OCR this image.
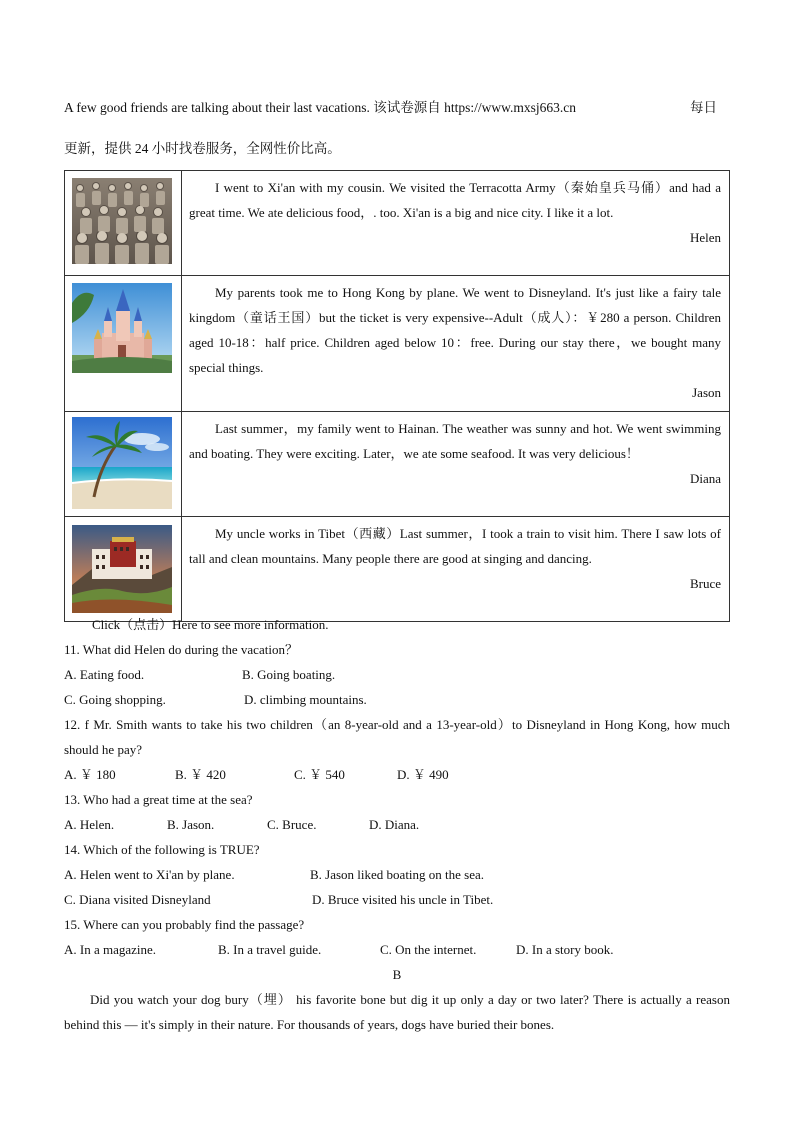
A few good friends are talking about their last vacations. 该试卷源自 https://www.mxsj663.cn	每日
更新，提供 24 小时找卷服务，全网性价比高。

I went to Xi'an with my cousin. We visited the Terracotta Army（秦始皇兵马俑）and had a great time. We ate delicious food，. too. Xi'an is a big and nice city. I like it a lot.
Helen

My parents took me to Hong Kong by plane. We went to Disneyland. It's just like a fairy tale kingdom（童话王国）but the ticket is very expensive--Adult（成人）：￥280 a person. Children aged 10-18：half price. Children aged below 10：free. During our stay there，we bought many special things.
Jason

Last summer，my family went to Hainan. The weather was sunny and hot. We went swimming and boating. They were exciting. Later，we ate some seafood. It was very delicious！
Diana

My uncle works in Tibet（西藏）Last summer，I took a train to visit him. There I saw lots of tall and clean mountains. Many people there are good at singing and dancing.
Bruce
Click（点击）Here to see more information.
11. What did Helen do during the vacation？
A. Eating food.	B. Going boating.
C. Going shopping.	D. climbing mountains.
12. f Mr. Smith wants to take his two children（an 8-year-old and a 13-year-old）to Disneyland in Hong Kong, how much should he pay?
A. ￥ 180	B. ￥ 420	C. ￥ 540	D. ￥ 490
13. Who had a great time at the sea?
A. Helen.	B. Jason.	C. Bruce.	D. Diana.
14. Which of the following is TRUE?
A. Helen went to Xi'an by plane.	B. Jason liked boating on the sea.
C. Diana visited Disneyland	D. Bruce visited his uncle in Tibet.
15. Where can you probably find the passage?
A. In a magazine.	B. In a travel guide.	C. On the internet.	D. In a story book.
B
Did you watch your dog bury（埋） his favorite bone but dig it up only a day or two later? There is actually a reason behind this — it's simply in their nature. For thousands of years, dogs have buried their bones.
